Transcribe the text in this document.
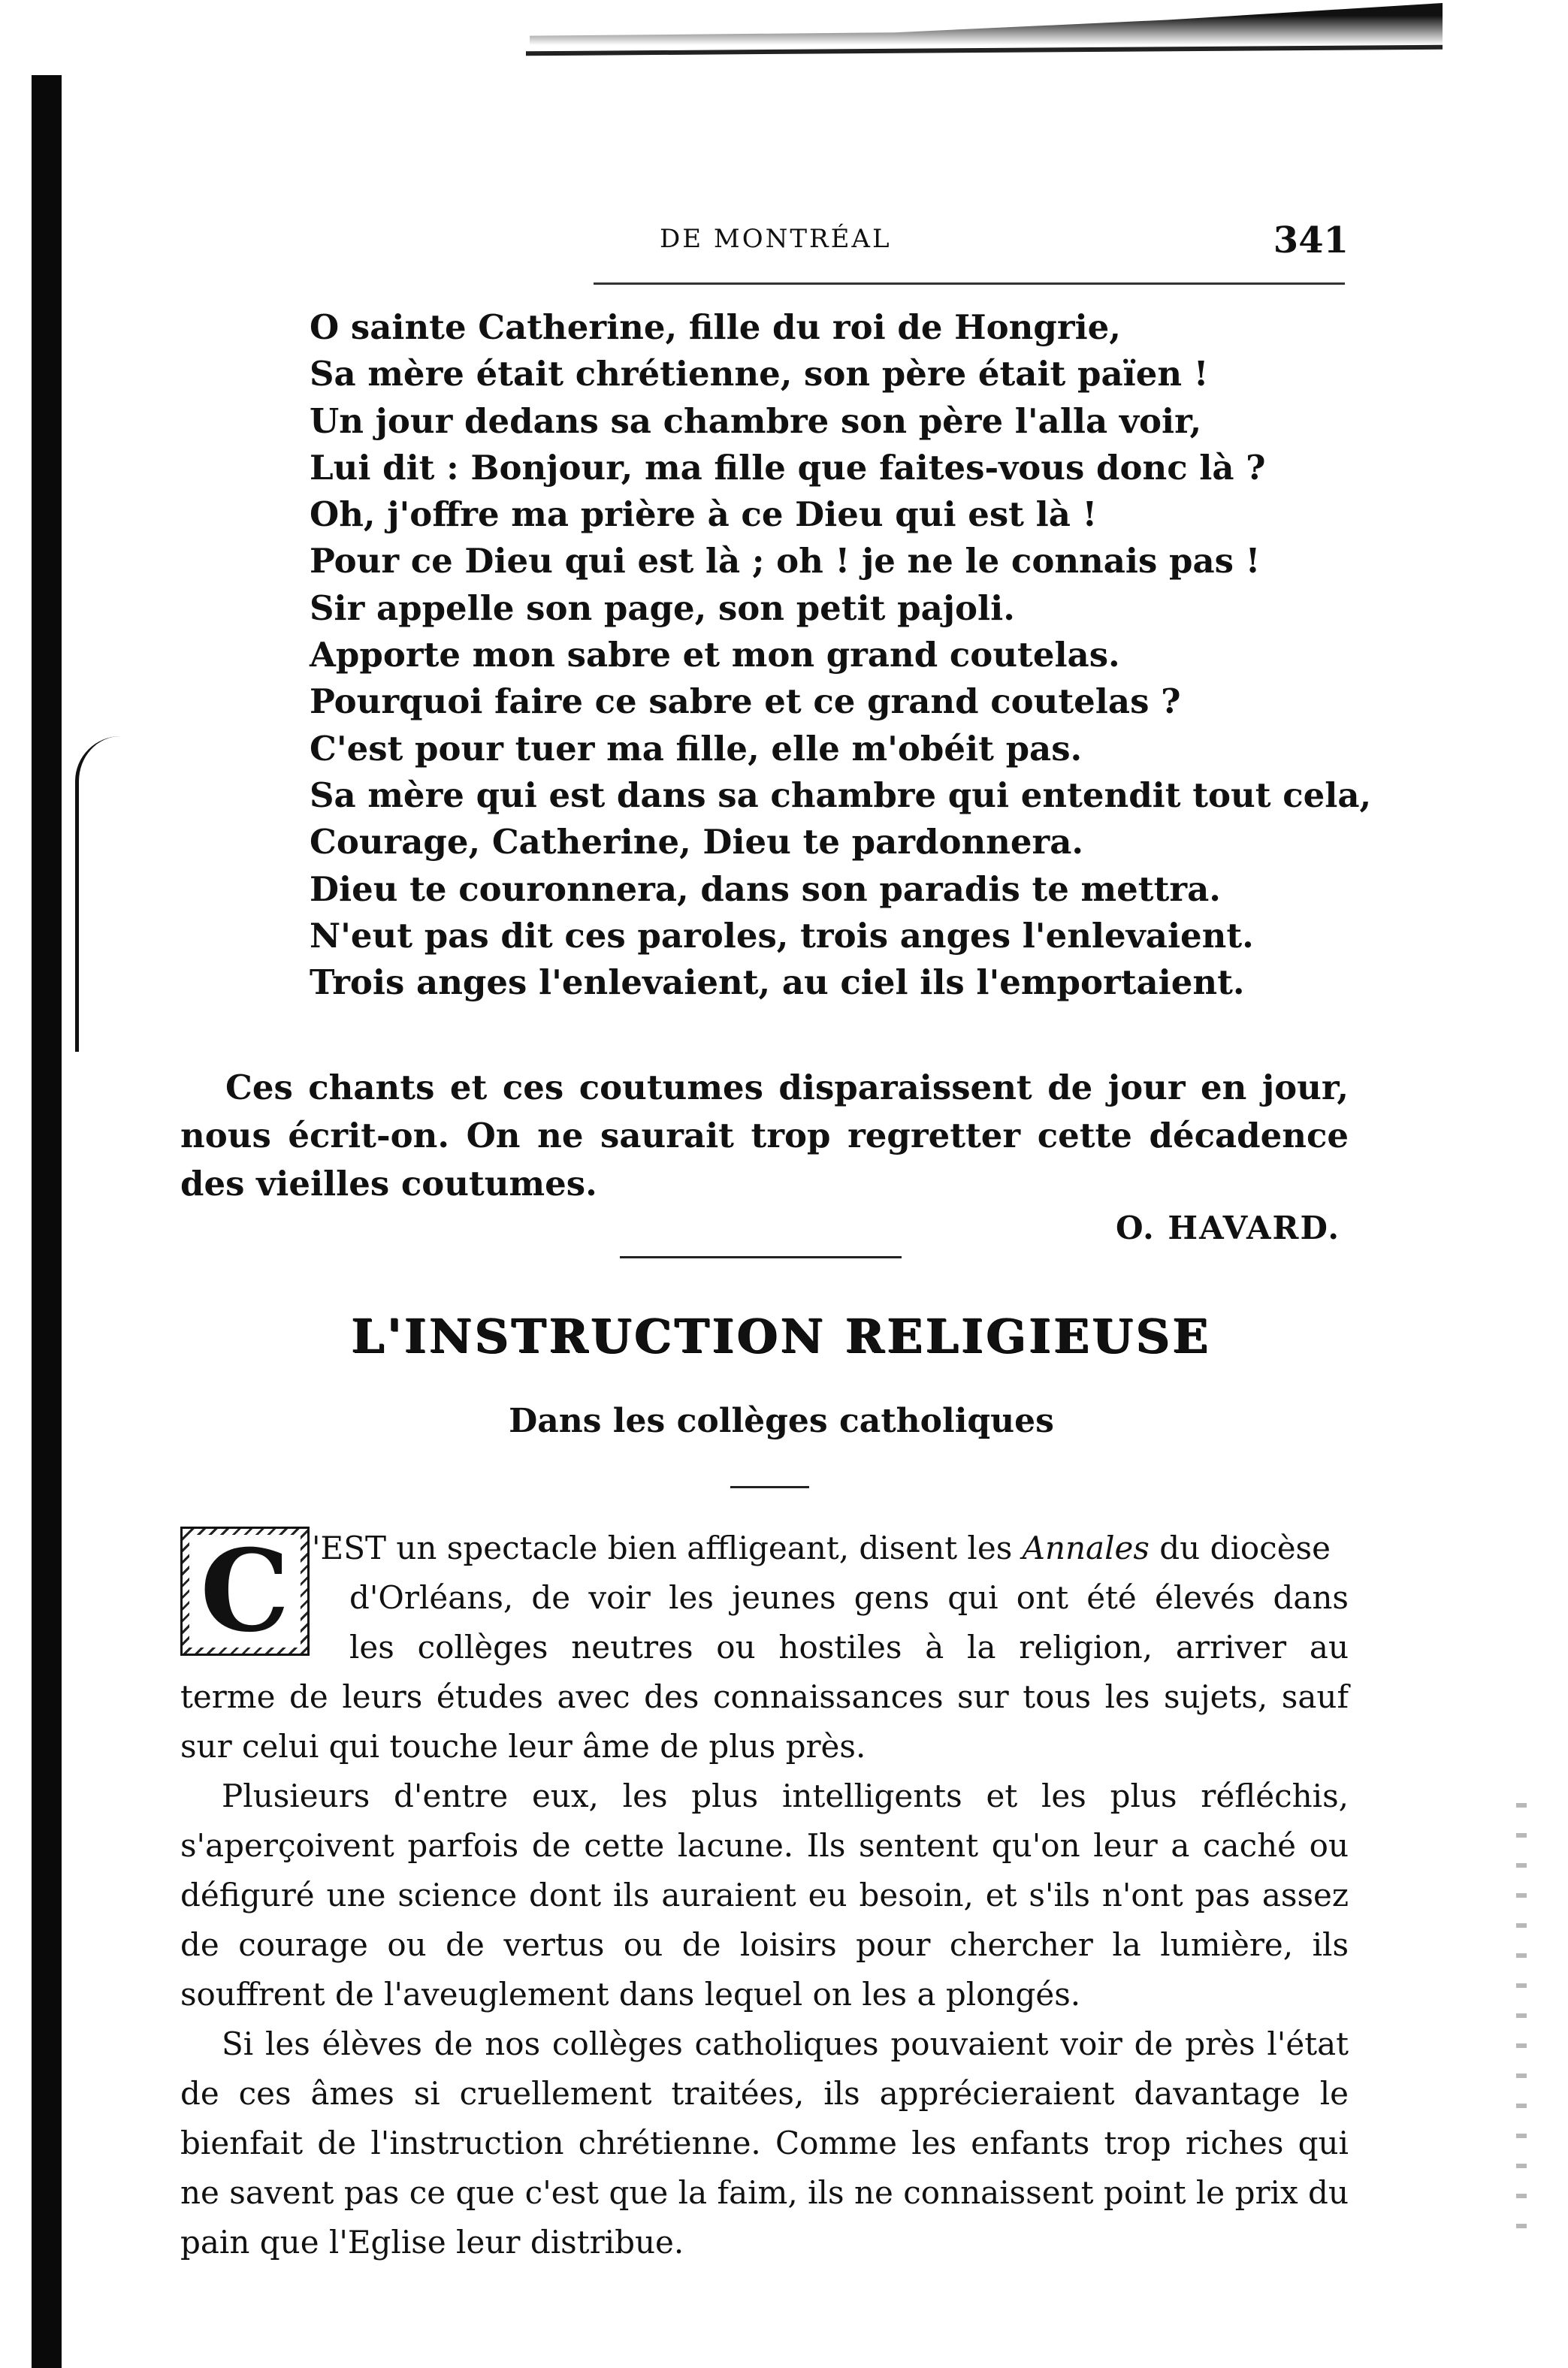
DE MONTRÉAL	341
O sainte Catherine, fille du roi de Hongrie,
Sa mère était chrétienne, son père était païen !
Un jour dedans sa chambre son père l'alla voir,
Lui dit : Bonjour, ma fille que faites-vous donc là ?
Oh, j'offre ma prière à ce Dieu qui est là !
Pour ce Dieu qui est là ; oh ! je ne le connais pas !
Sir appelle son page, son petit pajoli.
Apporte mon sabre et mon grand coutelas.
Pourquoi faire ce sabre et ce grand coutelas ?
C'est pour tuer ma fille, elle m'obéit pas.
Sa mère qui est dans sa chambre qui entendit tout cela,
Courage, Catherine, Dieu te pardonnera.
Dieu te couronnera, dans son paradis te mettra.
N'eut pas dit ces paroles, trois anges l'enlevaient.
Trois anges l'enlevaient, au ciel ils l'emportaient.
Ces chants et ces coutumes disparaissent de jour en jour, nous écrit-on. On ne saurait trop regretter cette décadence des vieilles coutumes.
O. HAVARD.
L'INSTRUCTION RELIGIEUSE
Dans les collèges catholiques
C 'EST un spectacle bien affligeant, disent les Annales du diocèse
d'Orléans, de voir les jeunes gens qui ont été élevés dans
les collèges neutres ou hostiles à la religion, arriver au
terme de leurs études avec des connaissances sur tous les sujets, sauf sur celui qui touche leur âme de plus près.
Plusieurs d'entre eux, les plus intelligents et les plus réfléchis, s'aperçoivent parfois de cette lacune. Ils sentent qu'on leur a caché ou défiguré une science dont ils auraient eu besoin, et s'ils n'ont pas assez de courage ou de vertus ou de loisirs pour chercher la lumière, ils souffrent de l'aveuglement dans lequel on les a plongés.
Si les élèves de nos collèges catholiques pouvaient voir de près l'état de ces âmes si cruellement traitées, ils apprécieraient davantage le bienfait de l'instruction chrétienne. Comme les enfants trop riches qui ne savent pas ce que c'est que la faim, ils ne connaissent point le prix du pain que l'Eglise leur distribue.
